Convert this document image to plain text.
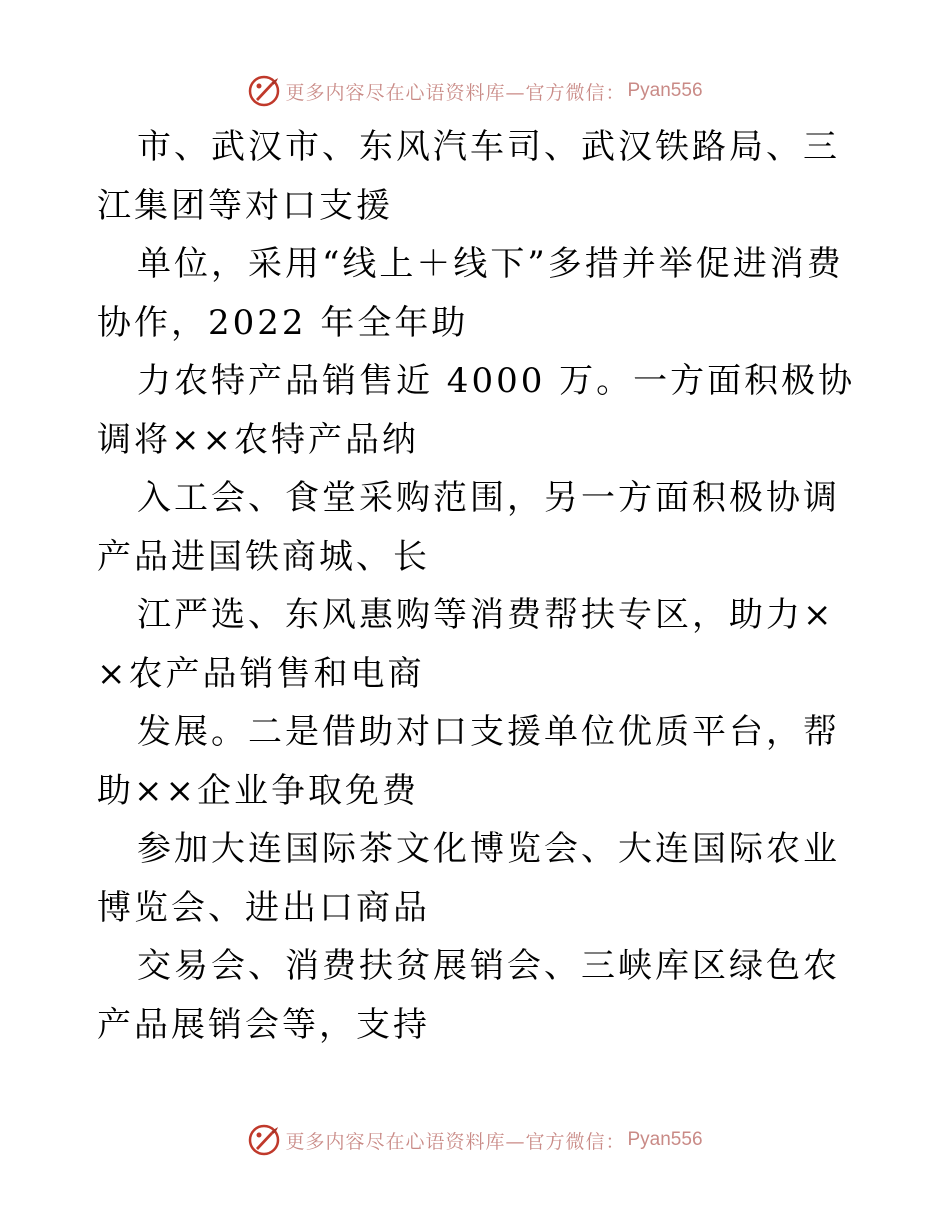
更多内容尽在心语资料库—官方微信： Pyan556

市、武汉市、东风汽车司、武汉铁路局、三江集团等对口支援

单位，采用“线上＋线下”多措并举促进消费协作，2022 年全年助

力农特产品销售近 4000 万。一方面积极协调将××农特产品纳

入工会、食堂采购范围，另一方面积极协调产品进国铁商城、长

江严选、东风惠购等消费帮扶专区，助力××农产品销售和电商

发展。二是借助对口支援单位优质平台，帮助××企业争取免费

参加大连国际茶文化博览会、大连国际农业博览会、进出口商品

交易会、消费扶贫展销会、三峡库区绿色农产品展销会等，支持

更多内容尽在心语资料库—官方微信： Pyan556
